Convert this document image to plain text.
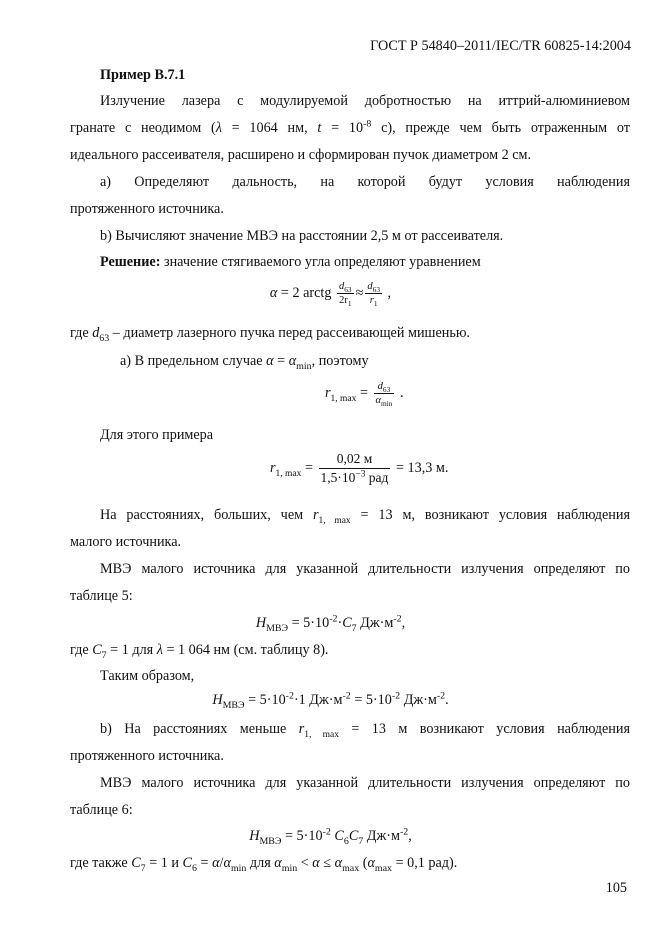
ГОСТ Р 54840–2011/IEC/TR 60825-14:2004
Пример В.7.1
Излучение лазера с модулируемой добротностью на иттрий-алюминиевом
гранате с неодимом (λ = 1064 нм, $t = 10^{-8}$ с), прежде чем быть отраженным от
идеального рассеивателя, расширено и сформирован пучок диаметром 2 см.
a) Определяют дальность, на которой будут условия наблюдения
протяженного источника.
b) Вычисляют значение МВЭ на расстоянии 2,5 м от рассеивателя.
Решение: значение стягиваемого угла определяют уравнением
α = 2 arctg $\frac{d_{63}}{2r_1} \approx \frac{d_{63}}{r_1}$ ,
где $d_{63}$ – диаметр лазерного пучка перед рассеивающей мишенью.
а) В предельном случае $\alpha = \alpha_{min}$, поэтому
$r_{1, max} = \frac{d_{63}}{\alpha_{min}}$ .
Для этого примера
$r_{1, max} = \frac{0,02 м}{1,5\cdot 10^{-3} рад} = 13,3$ м.
На расстояниях, больших, чем $r_{1, max} = 13$ м, возникают условия наблюдения
малого источника.
МВЭ малого источника для указанной длительности излучения определяют по
таблице 5:
$H_{МВЭ} = 5\cdot 10^{-2}\cdot C_7$ $Дж\cdot м^{-2}$,
где $C_7 = 1$ для λ = 1 064 нм (см. таблицу 8).
Таким образом,
$H_{МВЭ} = 5\cdot 10^{-2}\cdot 1$ $Дж\cdot м^{-2} = 5\cdot 10^{-2}$ $Дж\cdot м^{-2}$.
b) На расстояниях меньше $r_{1, max} = 13$ м возникают условия наблюдения
протяженного источника.
МВЭ малого источника для указанной длительности излучения определяют по
таблице 6:
$H_{МВЭ} = 5\cdot 10^{-2}$ $C_6C_7$ $Дж\cdot м^{-2}$,
где также $C_7 = 1$ и $C_6 = \alpha/\alpha_{min}$ для $\alpha_{min} < \alpha \le \alpha_{max}$ ($\alpha_{max} = 0,1$ рад).
105
